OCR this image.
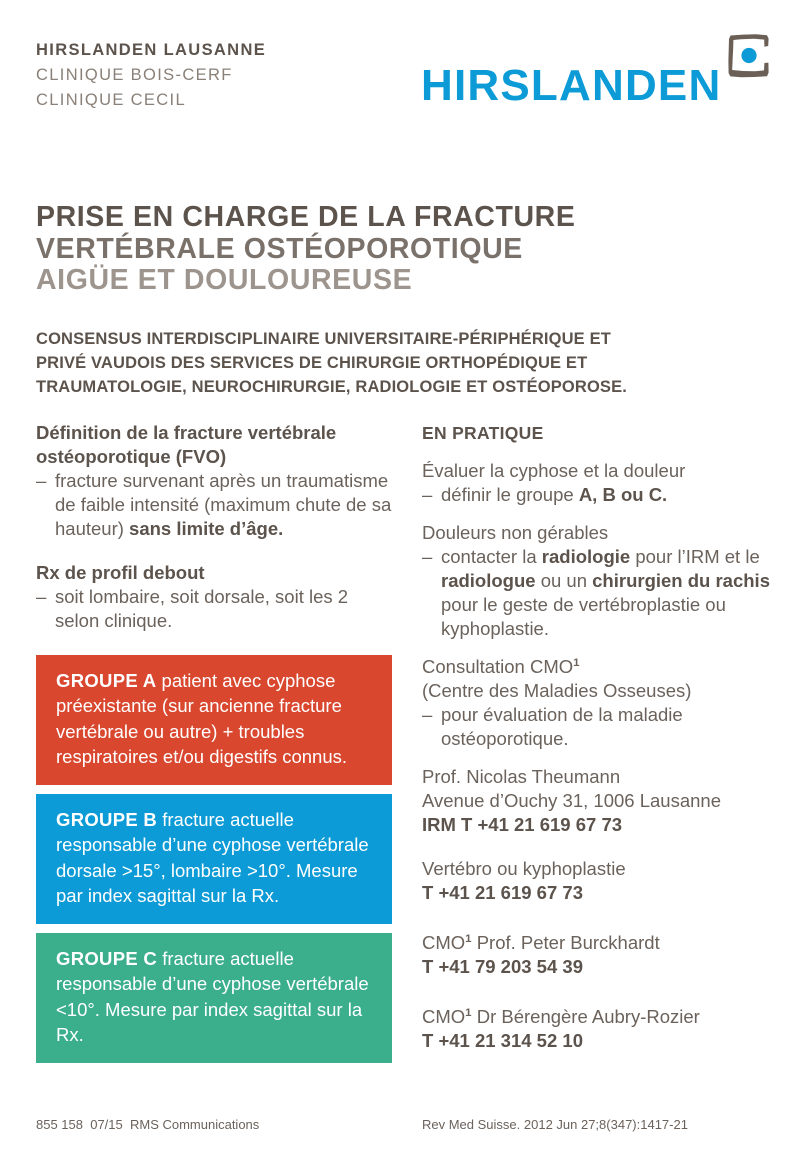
HIRSLANDEN LAUSANNE
CLINIQUE BOIS-CERF
CLINIQUE CECIL	HIRSLANDEN
PRISE EN CHARGE DE LA FRACTURE
VERTÉBRALE OSTÉOPOROTIQUE
AIGÜE ET DOULOUREUSE
CONSENSUS INTERDISCIPLINAIRE UNIVERSITAIRE-PÉRIPHÉRIQUE ET
PRIVÉ VAUDOIS DES SERVICES DE CHIRURGIE ORTHOPÉDIQUE ET
TRAUMATOLOGIE, NEUROCHIRURGIE, RADIOLOGIE ET OSTÉOPOROSE.
Définition de la fracture vertébrale
ostéoporotique (FVO)
– fracture survenant après un traumatisme de faible intensité (maximum chute de sa hauteur) sans limite d’âge.
Rx de profil debout
– soit lombaire, soit dorsale, soit les 2 selon clinique.
GROUPE A patient avec cyphose préexistante (sur ancienne fracture vertébrale ou autre) + troubles respiratoires et/ou digestifs connus.
GROUPE B fracture actuelle responsable d’une cyphose vertébrale dorsale >15°, lombaire >10°. Mesure par index sagittal sur la Rx.
GROUPE C fracture actuelle responsable d’une cyphose vertébrale <10°. Mesure par index sagittal sur la Rx.
EN PRATIQUE
Évaluer la cyphose et la douleur
– définir le groupe A, B ou C.
Douleurs non gérables
– contacter la radiologie pour l’IRM et le radiologue ou un chirurgien du rachis pour le geste de vertébroplastie ou kyphoplastie.
Consultation CMO$^1$
(Centre des Maladies Osseuses)
– pour évaluation de la maladie ostéoporotique.
Prof. Nicolas Theumann
Avenue d’Ouchy 31, 1006 Lausanne
IRM T +41 21 619 67 73
Vertébro ou kyphoplastie
T +41 21 619 67 73
CMO$^1$ Prof. Peter Burckhardt
T +41 79 203 54 39
CMO$^1$ Dr Bérengère Aubry-Rozier
T +41 21 314 52 10
855 158  07/15  RMS Communications	Rev Med Suisse. 2012 Jun 27;8(347):1417-21
